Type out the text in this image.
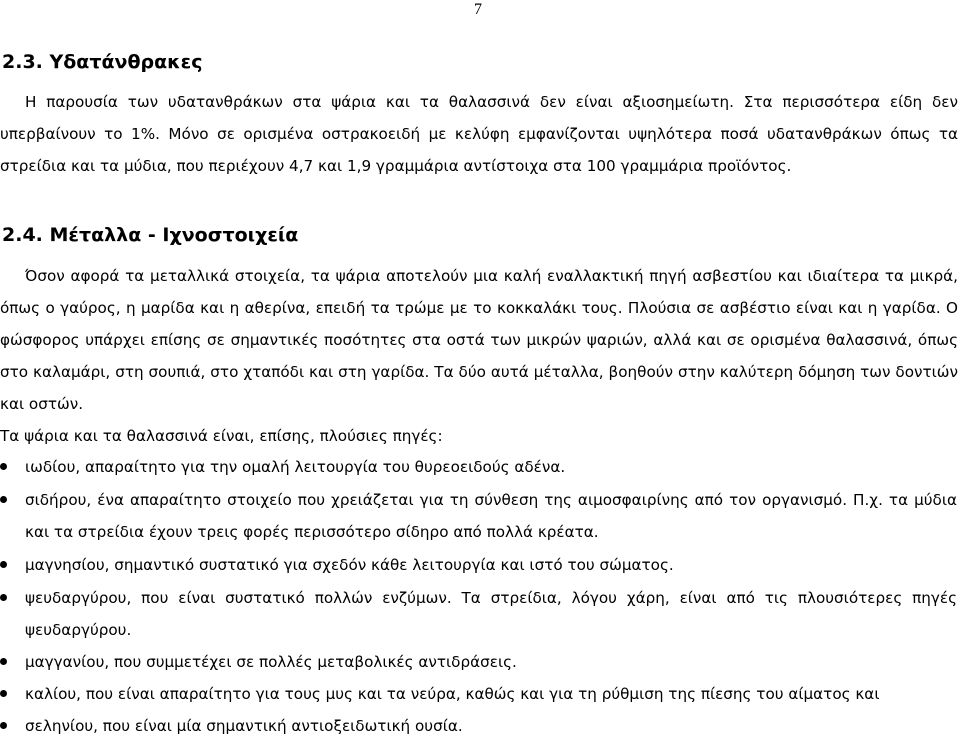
7
2.3. Υδατάνθρακες

Η παρουσία των υδατανθράκων στα ψάρια και τα θαλασσινά δεν είναι αξιοσημείωτη. Στα περισσότερα είδη δεν υπερβαίνουν το 1%. Μόνο σε ορισμένα οστρακοειδή με κελύφη εμφανίζονται υψηλότερα ποσά υδατανθράκων όπως τα στρείδια και τα μύδια, που περιέχουν 4,7 και 1,9 γραμμάρια αντίστοιχα στα 100 γραμμάρια προϊόντος.

2.4. Μέταλλα - Ιχνοστοιχεία

Όσον αφορά τα μεταλλικά στοιχεία, τα ψάρια αποτελούν μια καλή εναλλακτική πηγή ασβεστίου και ιδιαίτερα τα μικρά, όπως ο γαύρος, η μαρίδα και η αθερίνα, επειδή τα τρώμε με το κοκκαλάκι τους. Πλούσια σε ασβέστιο είναι και η γαρίδα. Ο φώσφορος υπάρχει επίσης σε σημαντικές ποσότητες στα οστά των μικρών ψαριών, αλλά και σε ορισμένα θαλασσινά, όπως στο καλαμάρι, στη σουπιά, στο χταπόδι και στη γαρίδα. Τα δύο αυτά μέταλλα, βοηθούν στην καλύτερη δόμηση των δοντιών και οστών.

Τα ψάρια και τα θαλασσινά είναι, επίσης, πλούσιες πηγές:

ιωδίου, απαραίτητο για την ομαλή λειτουργία του θυρεοειδούς αδένα.
σιδήρου, ένα απαραίτητο στοιχείο που χρειάζεται για τη σύνθεση της αιμοσφαιρίνης από τον οργανισμό. Π.χ. τα μύδια και τα στρείδια έχουν τρεις φορές περισσότερο σίδηρο από πολλά κρέατα.
μαγνησίου, σημαντικό συστατικό για σχεδόν κάθε λειτουργία και ιστό του σώματος.
ψευδαργύρου, που είναι συστατικό πολλών ενζύμων. Τα στρείδια, λόγου χάρη, είναι από τις πλουσιότερες πηγές ψευδαργύρου.
μαγγανίου, που συμμετέχει σε πολλές μεταβολικές αντιδράσεις.
καλίου, που είναι απαραίτητο για τους μυς και τα νεύρα, καθώς και για τη ρύθμιση της πίεσης του αίματος και
σεληνίου, που είναι μία σημαντική αντιοξειδωτική ουσία.
